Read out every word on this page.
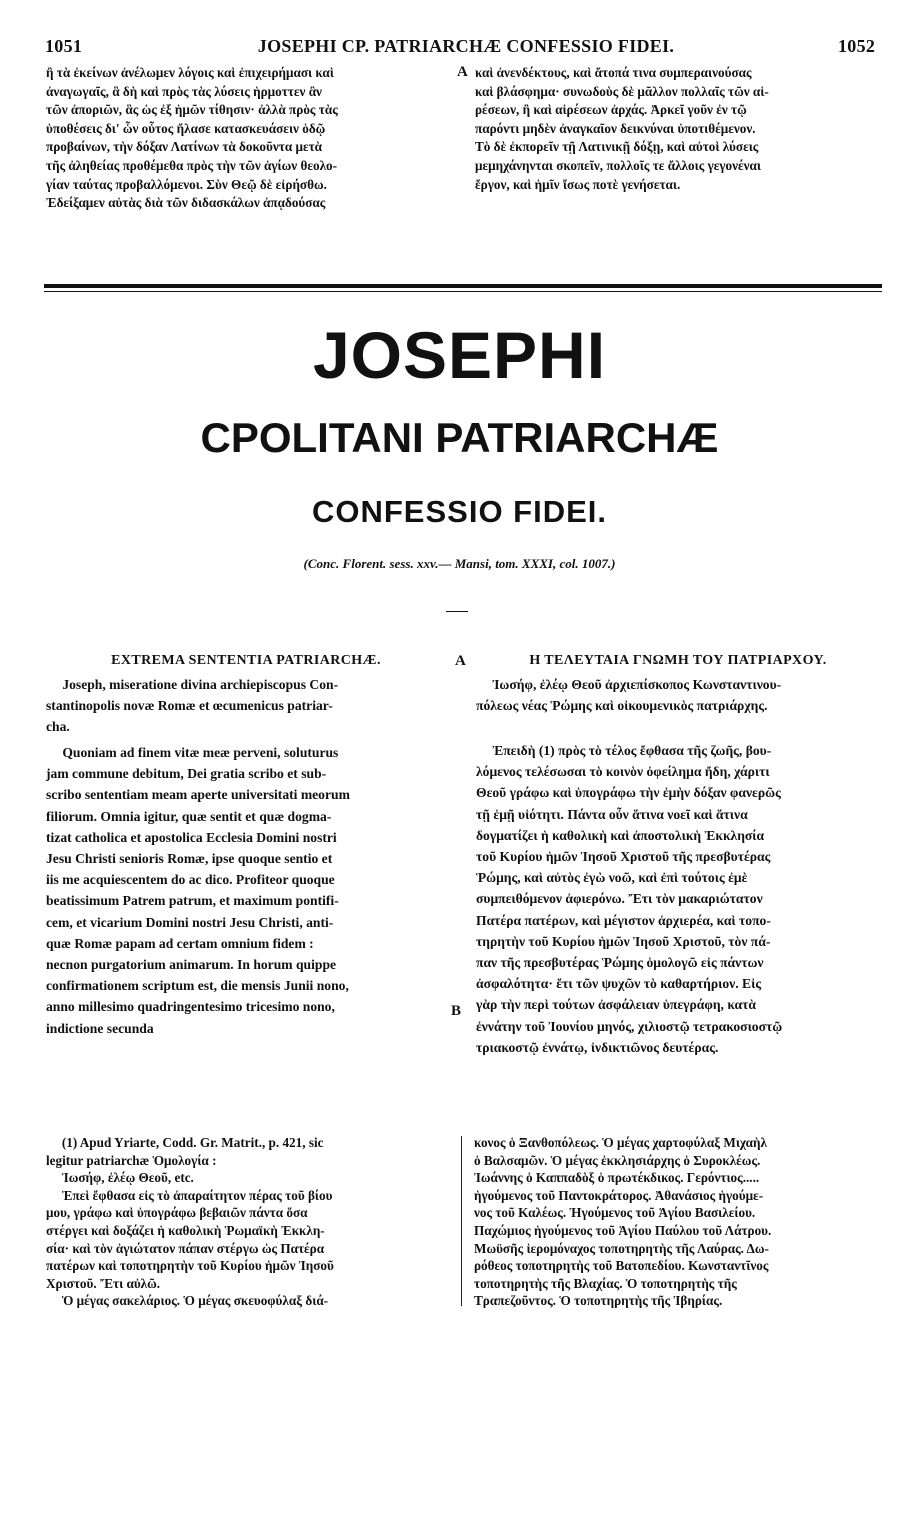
1051	JOSEPHI CP. PATRIARCHÆ CONFESSIO FIDEI.	1052

ἢ τὰ ἐκείνων ἀνέλωμεν λόγοις καὶ ἐπιχειρήμασι καὶ

ἀναγωγαῖς, ἃ δὴ καὶ πρὸς τὰς λύσεις ἡρμοττεν ἂν

τῶν ἀποριῶν, ἃς ὡς ἐξ ἡμῶν τίθησιν· ἀλλὰ πρὸς τὰς

ὑποθέσεις δι' ὧν οὗτος ἤλασε κατασκευάσειν ὁδῷ

προβαίνων, τὴν δόξαν Λατίνων τὰ δοκοῦντα μετὰ

τῆς ἀληθείας προθέμεθα πρὸς τὴν τῶν ἁγίων θεολο-

γίαν ταύτας προβαλλόμενοι. Σὺν Θεῷ δὲ εἰρήσθω.

Ἐδείξαμεν αὐτὰς διὰ τῶν διδασκάλων ἀπᾳδούσας

A καὶ ἀνενδέκτους, καὶ ἄτοπά τινα συμπεραινούσας

καὶ βλάσφημα· συνωδοὺς δὲ μᾶλλον πολλαῖς τῶν αἱ-

ρέσεων, ἢ καὶ αἱρέσεων ἀρχάς. Ἀρκεῖ γοῦν ἐν τῷ

παρόντι μηδὲν ἀναγκαῖον δεικνύναι ὑποτιθέμενον.

Τὸ δὲ ἐκπορεῖν τῇ Λατινικῇ δόξῃ, καὶ αὐτοὶ λύσεις

μεμηχάνηνται σκοπεῖν, πολλοῖς τε ἄλλοις γεγονέναι

ἔργον, καὶ ἡμῖν ἴσως ποτὲ γενήσεται.

JOSEPHI
CPOLITANI PATRIARCHÆ
CONFESSIO FIDEI.
(Conc. Florent. sess. xxv.— Mansi, tom. XXXI, col. 1007.)
EXTREMA SENTENTIA PATRIARCHÆ.

Joseph, miseratione divina archiepiscopus Con-

stantinopolis novæ Romæ et œcumenicus patriar-

cha.

Quoniam ad finem vitæ meæ perveni, soluturus

jam commune debitum, Dei gratia scribo et sub-

scribo sententiam meam aperte universitati meorum

filiorum. Omnia igitur, quæ sentit et quæ dogma-

tizat catholica et apostolica Ecclesia Domini nostri

Jesu Christi senioris Romæ, ipse quoque sentio et

iis me acquiescentem do ac dico. Profiteor quoque

beatissimum Patrem patrum, et maximum pontifi-

cem, et vicarium Domini nostri Jesu Christi, anti-

quæ Romæ papam ad certam omnium fidem :

necnon purgatorium animarum. In horum quippe

confirmationem scriptum est, die mensis Junii nono,

anno millesimo quadringentesimo tricesimo nono,

indictione secunda

A
B
Η ΤΕΛΕΥΤΑΙΑ ΓΝΩΜΗ ΤΟΥ ΠΑΤΡΙΑΡΧΟΥ.

Ἰωσήφ, ἐλέῳ Θεοῦ ἀρχιεπίσκοπος Κωνσταντινου-

πόλεως νέας Ῥώμης καὶ οἰκουμενικὸς πατριάρχης.

Ἐπειδὴ (1) πρὸς τὸ τέλος ἔφθασα τῆς ζωῆς, βου-

λόμενος τελέσωσαι τὸ κοινὸν ὀφείλημα ἤδη, χάριτι

Θεοῦ γράφω καὶ ὑπογράφω τὴν ἐμὴν δόξαν φανερῶς

τῇ ἐμῇ υἱότητι. Πάντα οὖν ἅτινα νοεῖ καὶ ἅτινα

δογματίζει ἡ καθολικὴ καὶ ἀποστολικὴ Ἐκκλησία

τοῦ Κυρίου ἡμῶν Ἰησοῦ Χριστοῦ τῆς πρεσβυτέρας

Ῥώμης, καὶ αὐτὸς ἐγὼ νοῶ, καὶ ἐπὶ τούτοις ἐμὲ

συμπειθόμενον ἀφιερόνω. Ἔτι τὸν μακαριώτατον

Πατέρα πατέρων, καὶ μέγιστον ἀρχιερέα, καὶ τοπο-

τηρητὴν τοῦ Κυρίου ἡμῶν Ἰησοῦ Χριστοῦ, τὸν πά-

παν τῆς πρεσβυτέρας Ῥώμης ὁμολογῶ εἰς πάντων

ἀσφαλότητα· ἔτι τῶν ψυχῶν τὸ καθαρτήριον. Εἰς

γὰρ τὴν περὶ τούτων ἀσφάλειαν ὑπεγράφη, κατὰ

ἐννάτην τοῦ Ἰουνίου μηνός, χιλιοστῷ τετρακοσιοστῷ

τριακοστῷ ἐννάτῳ, ἰνδικτιῶνος δευτέρας.

(1) Apud Yriarte, Codd. Gr. Matrit., p. 421, sic

legitur patriarchæ Ὁμολογία :

Ἰωσήφ, ἐλέῳ Θεοῦ, etc.

Ἐπεὶ ἔφθασα εἰς τὸ ἀπαραίτητον πέρας τοῦ βίου

μου, γράφω καὶ ὑπογράφω βεβαιῶν πάντα ὅσα

στέργει καὶ δοξάζει ἡ καθολικὴ Ῥωμαϊκὴ Ἐκκλη-

σία· καὶ τὸν ἁγιώτατον πάπαν στέργω ὡς Πατέρα

πατέρων καὶ τοποτηρητὴν τοῦ Κυρίου ἡμῶν Ἰησοῦ

Χριστοῦ. Ἔτι αὐλῶ.

Ὁ μέγας σακελάριος. Ὁ μέγας σκευοφύλαξ διά-

κονος ὁ Ξανθοπόλεως. Ὁ μέγας χαρτοφύλαξ Μιχαὴλ

ὁ Βαλσαμῶν. Ὁ μέγας ἐκκλησιάρχης ὁ Συροκλέως.

Ἰωάννης ὁ Καππαδὸξ ὁ πρωτέκδικος. Γερόντιος.....

ἡγούμενος τοῦ Παντοκράτορος. Ἀθανάσιος ἡγούμε-

νος τοῦ Καλέως. Ἡγούμενος τοῦ Ἁγίου Βασιλείου.

Παχώμιος ἡγούμενος τοῦ Ἁγίου Παύλου τοῦ Λάτρου.

Μωϋσῆς ἱερομόναχος τοποτηρητὴς τῆς Λαύρας. Δω-

ρόθεος τοποτηρητὴς τοῦ Βατοπεδίου. Κωνσταντῖνος

τοποτηρητὴς τῆς Βλαχίας. Ὁ τοποτηρητὴς τῆς

Τραπεζοῦντος. Ὁ τοποτηρητὴς τῆς Ἰβηρίας.
